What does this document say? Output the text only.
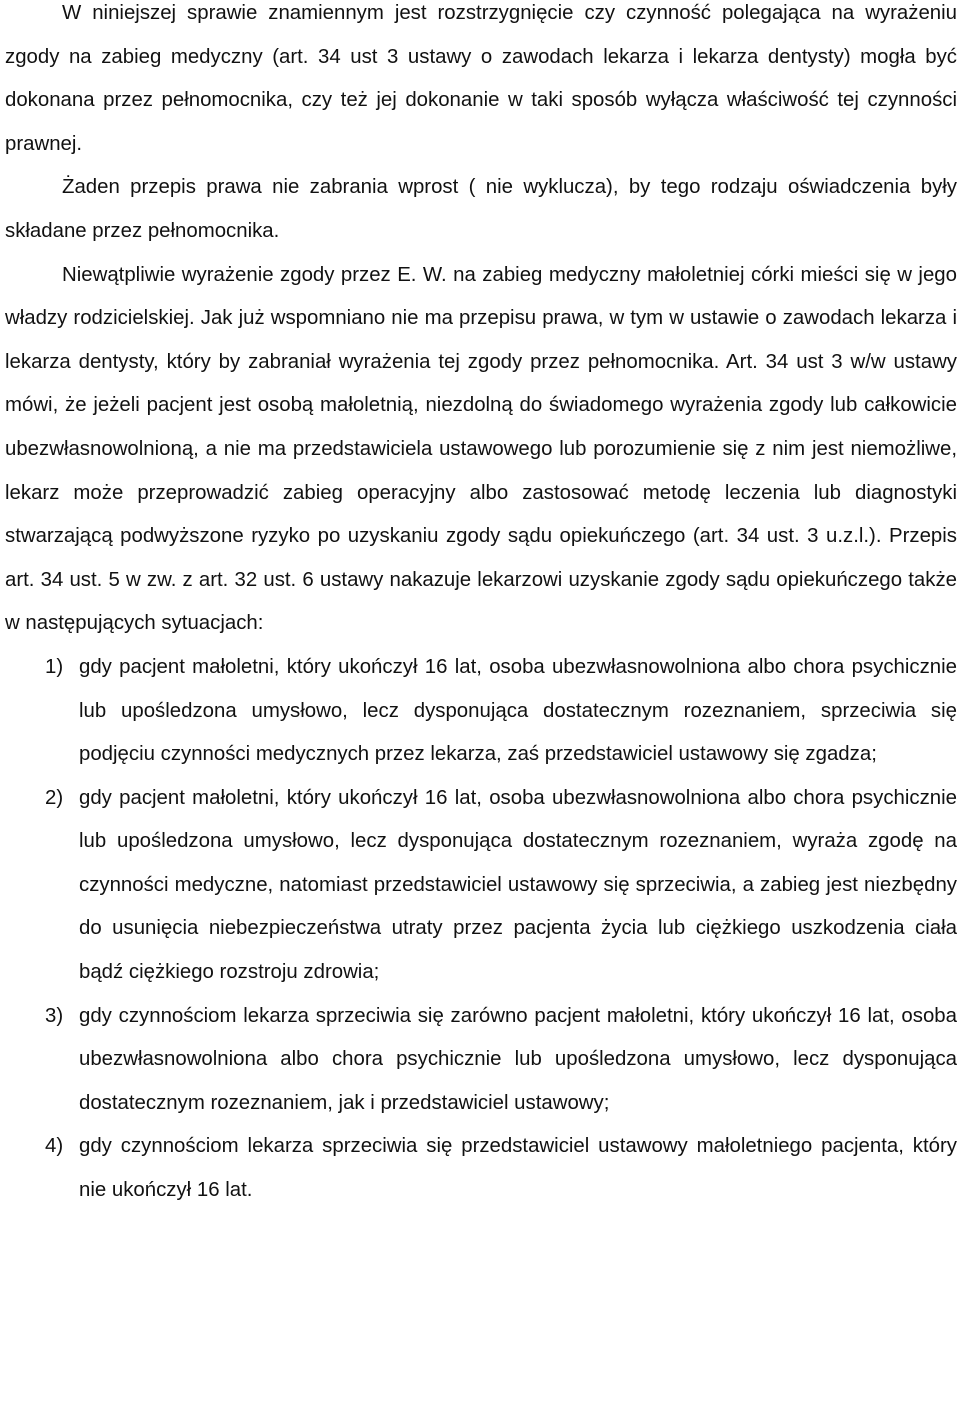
W niniejszej sprawie znamiennym jest rozstrzygnięcie czy czynność polegająca na wyrażeniu zgody na zabieg medyczny (art. 34 ust 3 ustawy o zawodach lekarza i lekarza dentysty) mogła być dokonana przez pełnomocnika, czy też jej dokonanie w taki sposób wyłącza właściwość tej czynności prawnej.

Żaden przepis prawa nie zabrania wprost ( nie wyklucza), by tego rodzaju oświadczenia były składane przez pełnomocnika.

Niewątpliwie wyrażenie zgody przez E. W. na zabieg medyczny małoletniej córki mieści się w jego władzy rodzicielskiej. Jak już wspomniano nie ma przepisu prawa, w tym w ustawie o zawodach lekarza i lekarza dentysty, który by zabraniał wyrażenia tej zgody przez pełnomocnika. Art. 34 ust 3 w/w ustawy mówi, że jeżeli pacjent jest osobą małoletnią, niezdolną do świadomego wyrażenia zgody lub całkowicie ubezwłasnowolnioną, a nie ma przedstawiciela ustawowego lub porozumienie się z nim jest niemożliwe, lekarz może przeprowadzić zabieg operacyjny albo zastosować metodę leczenia lub diagnostyki stwarzającą podwyższone ryzyko po uzyskaniu zgody sądu opiekuńczego (art. 34 ust. 3 u.z.l.). Przepis art. 34 ust. 5 w zw. z art. 32 ust. 6 ustawy nakazuje lekarzowi uzyskanie zgody sądu opiekuńczego także w następujących sytuacjach:

1) gdy pacjent małoletni, który ukończył 16 lat, osoba ubezwłasnowolniona albo chora psychicznie lub upośledzona umysłowo, lecz dysponująca dostatecznym rozeznaniem, sprzeciwia się podjęciu czynności medycznych przez lekarza, zaś przedstawiciel ustawowy się zgadza;
2) gdy pacjent małoletni, który ukończył 16 lat, osoba ubezwłasnowolniona albo chora psychicznie lub upośledzona umysłowo, lecz dysponująca dostatecznym rozeznaniem, wyraża zgodę na czynności medyczne, natomiast przedstawiciel ustawowy się sprzeciwia, a zabieg jest niezbędny do usunięcia niebezpieczeństwa utraty przez pacjenta życia lub ciężkiego uszkodzenia ciała bądź ciężkiego rozstroju zdrowia;
3) gdy czynnościom lekarza sprzeciwia się zarówno pacjent małoletni, który ukończył 16 lat, osoba ubezwłasnowolniona albo chora psychicznie lub upośledzona umysłowo, lecz dysponująca dostatecznym rozeznaniem, jak i przedstawiciel ustawowy;
4) gdy czynnościom lekarza sprzeciwia się przedstawiciel ustawowy małoletniego pacjenta, który nie ukończył 16 lat.
